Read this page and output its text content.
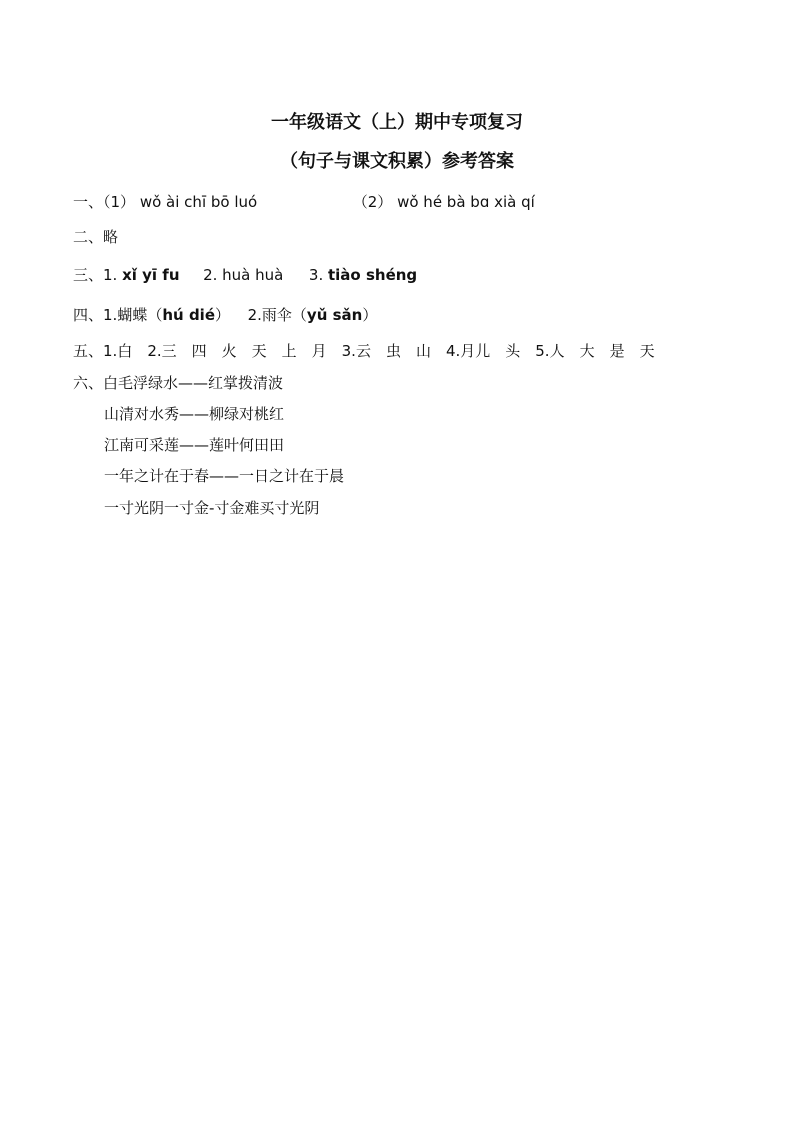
一年级语文（上）期中专项复习
（句子与课文积累）参考答案
一、（1） wǒ ài chī bō luó	（2） wǒ hé bà bɑ xià qí
二、略
三、1. xǐ yī fu 2. huà huà 3. tiào shéng
四、1.蝴蝶（hú dié） 2.雨伞（yǔ sǎn）
五、1.白　2.三　四　火　天　上　月　3.云　虫　山　4.月儿　头　5.人　大　是　天
六、白毛浮绿水——红掌拨清波
山清对水秀——柳绿对桃红
江南可采莲——莲叶何田田
一年之计在于春——一日之计在于晨
一寸光阴一寸金-寸金难买寸光阴
